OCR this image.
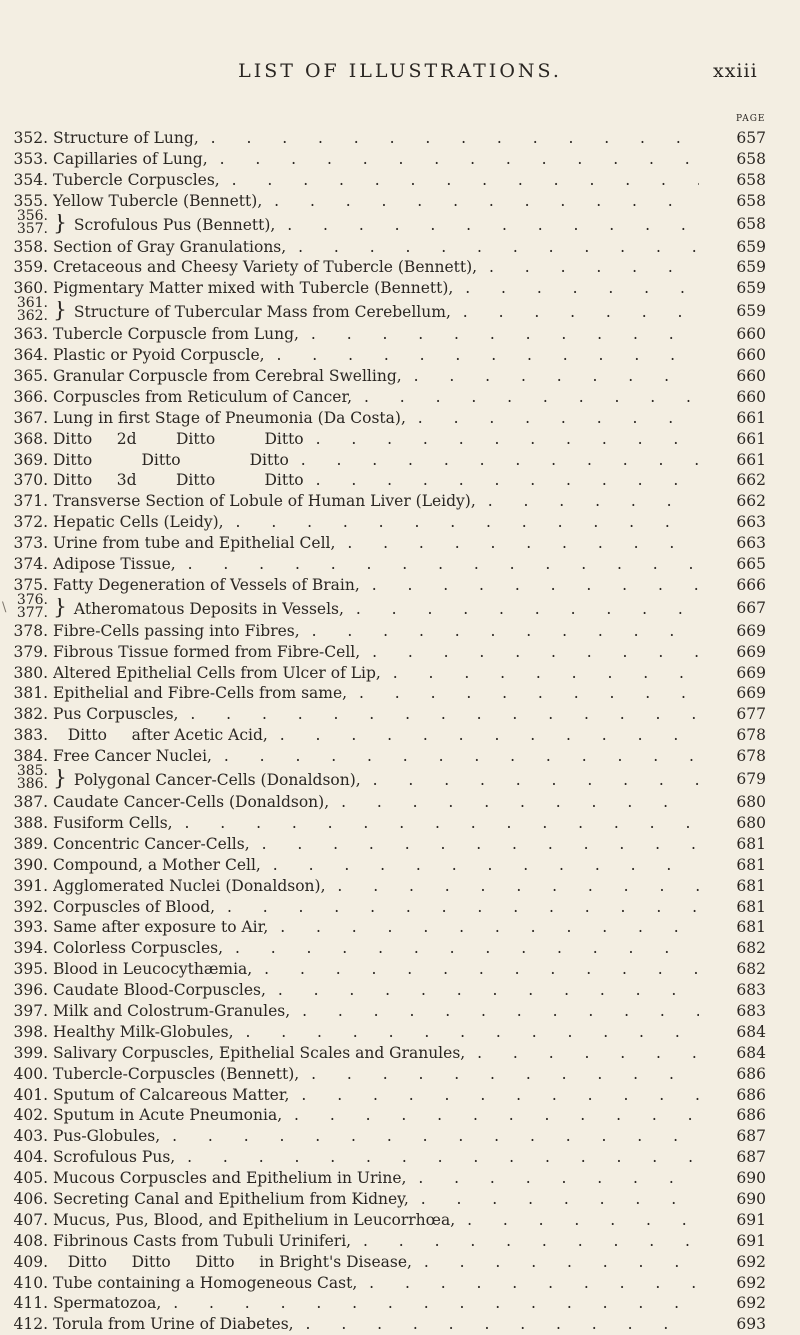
LIST OF ILLUSTRATIONS.	xxiii
PAGE
\
352. Structure of Lung, .  .	657
353. Capillaries of Lung, .  .	658
354. Tubercle Corpuscles, .  .	658
355. Yellow Tubercle (Bennett), .  .	658
356.
357. } Scrofulous Pus (Bennett), .  .	658
358. Section of Gray Granulations, .  .	659
359. Cretaceous and Cheesy Variety of Tubercle (Bennett), .  .	659
360. Pigmentary Matter mixed with Tubercle (Bennett), .  .	659
361.
362. } Structure of Tubercular Mass from Cerebellum, .  .	659
363. Tubercle Corpuscle from Lung, .  .	660
364. Plastic or Pyoid Corpuscle, .  .	660
365. Granular Corpuscle from Cerebral Swelling, .  .	660
366. Corpuscles from Reticulum of Cancer, .  .	660
367. Lung in first Stage of Pneumonia (Da Costa), .  .	661
368. Ditto     2d        Ditto          Ditto .  .	661
369. Ditto          Ditto              Ditto .  .	661
370. Ditto     3d        Ditto          Ditto .  .	662
371. Transverse Section of Lobule of Human Liver (Leidy), .  .	662
372. Hepatic Cells (Leidy), .  .	663
373. Urine from tube and Epithelial Cell, .  .	663
374. Adipose Tissue, .  .	665
375. Fatty Degeneration of Vessels of Brain, .  .	666
376.
377. } Atheromatous Deposits in Vessels, .  .	667
378. Fibre-Cells passing into Fibres, .  .	669
379. Fibrous Tissue formed from Fibre-Cell, .  .	669
380. Altered Epithelial Cells from Ulcer of Lip, .  .	669
381. Epithelial and Fibre-Cells from same, .  .	669
382. Pus Corpuscles, .  .	677
383. Ditto     after Acetic Acid, .  .	678
384. Free Cancer Nuclei, .  .	678
385.
386. } Polygonal Cancer-Cells (Donaldson), .  .	679
387. Caudate Cancer-Cells (Donaldson), .  .	680
388. Fusiform Cells, .  .	680
389. Concentric Cancer-Cells, .  .	681
390. Compound, a Mother Cell, .  .	681
391. Agglomerated Nuclei (Donaldson), .  .	681
392. Corpuscles of Blood, .  .	681
393. Same after exposure to Air, .  .	681
394. Colorless Corpuscles, .  .	682
395. Blood in Leucocythæmia, .  .	682
396. Caudate Blood-Corpuscles, .  .	683
397. Milk and Colostrum-Granules, .  .	683
398. Healthy Milk-Globules, .  .	684
399. Salivary Corpuscles, Epithelial Scales and Granules, .  .	684
400. Tubercle-Corpuscles (Bennett), .  .	686
401. Sputum of Calcareous Matter, .  .	686
402. Sputum in Acute Pneumonia, .  .	686
403. Pus-Globules, .  .	687
404. Scrofulous Pus, .  .	687
405. Mucous Corpuscles and Epithelium in Urine, .  .	690
406. Secreting Canal and Epithelium from Kidney, .  .	690
407. Mucus, Pus, Blood, and Epithelium in Leucorrhœa, .  .	691
408. Fibrinous Casts from Tubuli Uriniferi, .  .	691
409. Ditto     Ditto     Ditto     in Bright's Disease, .  .	692
410. Tube containing a Homogeneous Cast, .  .	692
411. Spermatozoa, .  .	692
412. Torula from Urine of Diabetes, .  .	693
